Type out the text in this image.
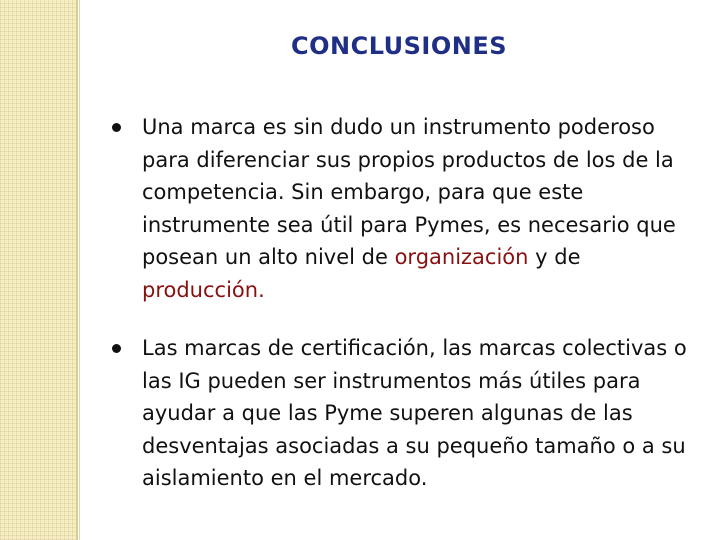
CONCLUSIONES
Una marca es sin dudo un instrumento poderoso para diferenciar sus propios productos de los de la competencia. Sin embargo, para que este instrumente sea útil para Pymes, es necesario que posean un alto nivel de organización y de producción.
Las marcas de certificación, las marcas colectivas o las IG pueden ser instrumentos más útiles para ayudar a que las Pyme superen algunas de las desventajas asociadas a su pequeño tamaño o a su aislamiento en el mercado.
